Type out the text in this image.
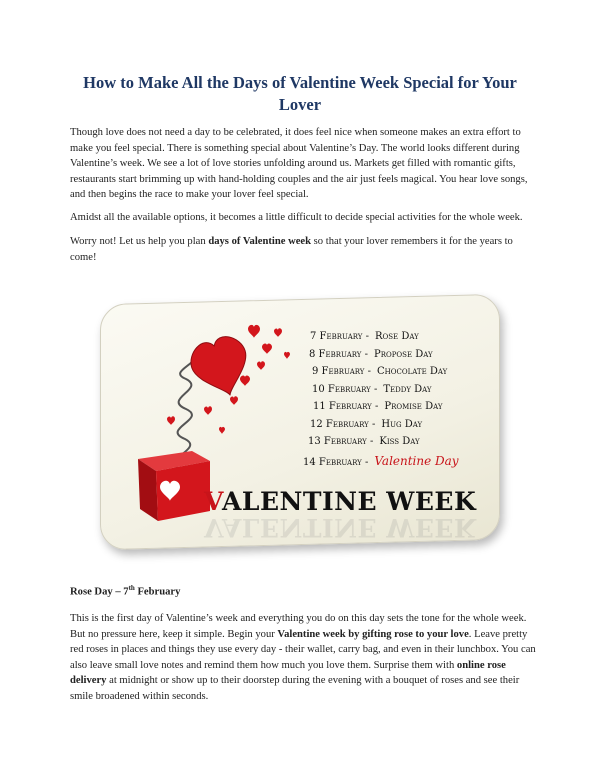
How to Make All the Days of Valentine Week Special for Your Lover

Though love does not need a day to be celebrated, it does feel nice when someone makes an extra effort to make you feel special. There is something special about Valentine’s Day. The world looks different during Valentine’s week. We see a lot of love stories unfolding around us. Markets get filled with romantic gifts, restaurants start brimming up with hand-holding couples and the air just feels magical. You hear love songs, and then begins the race to make your lover feel special.

Amidst all the available options, it becomes a little difficult to decide special activities for the whole week.

Worry not! Let us help you plan days of Valentine week so that your lover remembers it for the years to come!

7 February - Rose Day
8 February - Propose Day
9 February - Chocolate Day
10 February - Teddy Day
11 February - Promise Day
12 February - Hug Day
13 February - Kiss Day
14 February - Valentine Day
VALENTINE WEEK
VALENTINE WEEK

Rose Day – 7th February

This is the first day of Valentine’s week and everything you do on this day sets the tone for the whole week. But no pressure here, keep it simple. Begin your Valentine week by gifting rose to your love. Leave pretty red roses in places and things they use every day - their wallet, carry bag, and even in their lunchbox. You can also leave small love notes and remind them how much you love them. Surprise them with online rose delivery at midnight or show up to their doorstep during the evening with a bouquet of roses and see their smile broadened within seconds.
